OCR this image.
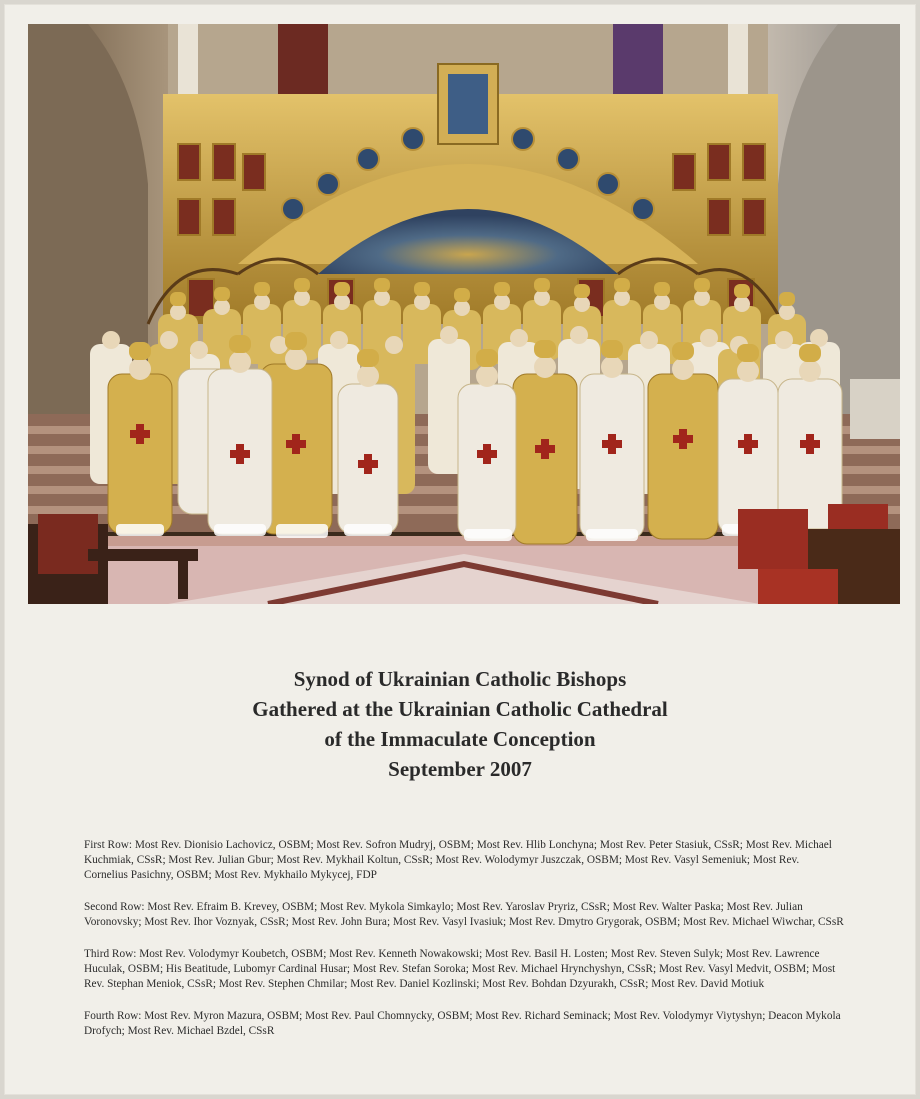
Synod of Ukrainian Catholic Bishops
Gathered at the Ukrainian Catholic Cathedral
of the Immaculate Conception
September 2007

First Row: Most Rev. Dionisio Lachovicz, OSBM; Most Rev. Sofron Mudryj, OSBM; Most Rev. Hlib Lonchyna; Most Rev. Peter Stasiuk, CSsR; Most Rev. Michael Kuchmiak, CSsR; Most Rev. Julian Gbur; Most Rev. Mykhail Koltun, CSsR; Most Rev. Wolodymyr Juszczak, OSBM; Most Rev. Vasyl Semeniuk; Most Rev. Cornelius Pasichny, OSBM; Most Rev. Mykhailo Mykycej, FDP

Second Row: Most Rev. Efraim B. Krevey, OSBM; Most Rev. Mykola Simkaylo; Most Rev. Yaroslav Pryriz, CSsR; Most Rev. Walter Paska; Most Rev. Julian Voronovsky; Most Rev. Ihor Voznyak, CSsR; Most Rev. John Bura; Most Rev. Vasyl Ivasiuk; Most Rev. Dmytro Grygorak, OSBM; Most Rev. Michael Wiwchar, CSsR

Third Row: Most Rev. Volodymyr Koubetch, OSBM; Most Rev. Kenneth Nowakowski; Most Rev. Basil H. Losten; Most Rev. Steven Sulyk; Most Rev. Lawrence Huculak, OSBM; His Beatitude, Lubomyr Cardinal Husar; Most Rev. Stefan Soroka; Most Rev. Michael Hrynchyshyn, CSsR; Most Rev. Vasyl Medvit, OSBM; Most Rev. Stephan Meniok, CSsR; Most Rev. Stephen Chmilar; Most Rev. Daniel Kozlinski; Most Rev. Bohdan Dzyurakh, CSsR; Most Rev. David Motiuk

Fourth Row: Most Rev. Myron Mazura, OSBM; Most Rev. Paul Chomnycky, OSBM; Most Rev. Richard Seminack; Most Rev. Volodymyr Viytyshyn; Deacon Mykola Drofych; Most Rev. Michael Bzdel, CSsR
